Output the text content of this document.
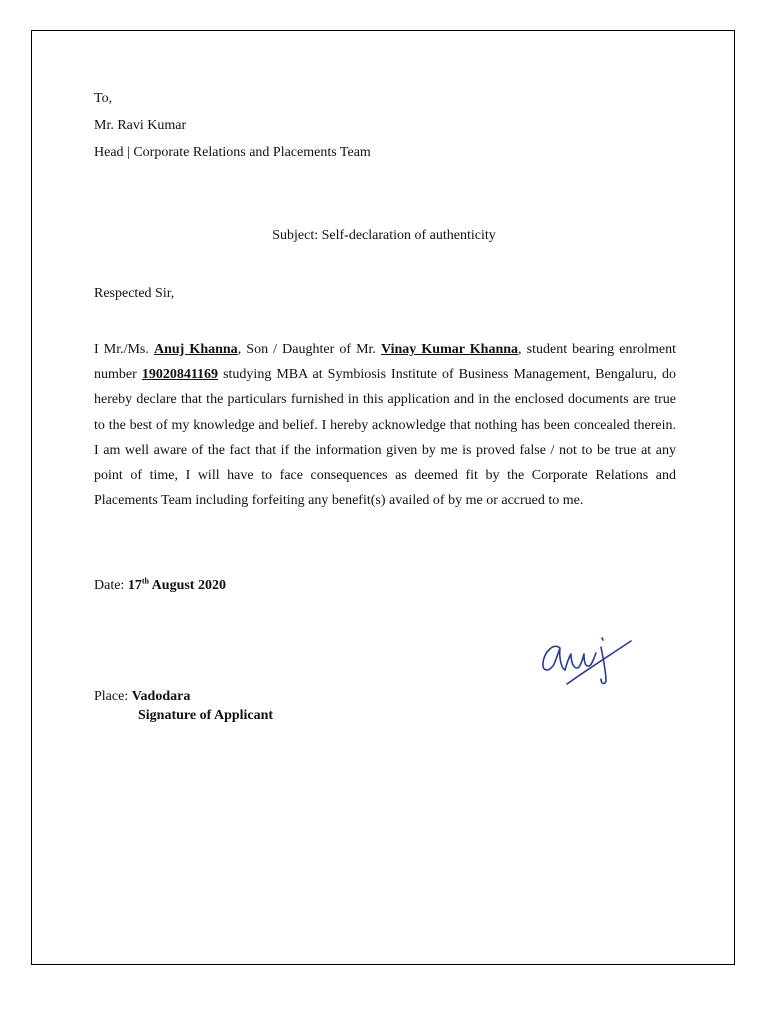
To,
Mr. Ravi Kumar
Head | Corporate Relations and Placements Team
Subject: Self-declaration of authenticity
Respected Sir,
I Mr./Ms. Anuj Khanna, Son / Daughter of Mr. Vinay Kumar Khanna, student bearing enrolment number 19020841169 studying MBA at Symbiosis Institute of Business Management, Bengaluru, do hereby declare that the particulars furnished in this application and in the enclosed documents are true to the best of my knowledge and belief. I hereby acknowledge that nothing has been concealed therein. I am well aware of the fact that if the information given by me is proved false / not to be true at any point of time, I will have to face consequences as deemed fit by the Corporate Relations and Placements Team including forfeiting any benefit(s) availed of by me or accrued to me.
Date: 17th August 2020
Place: Vadodara
Signature of Applicant
